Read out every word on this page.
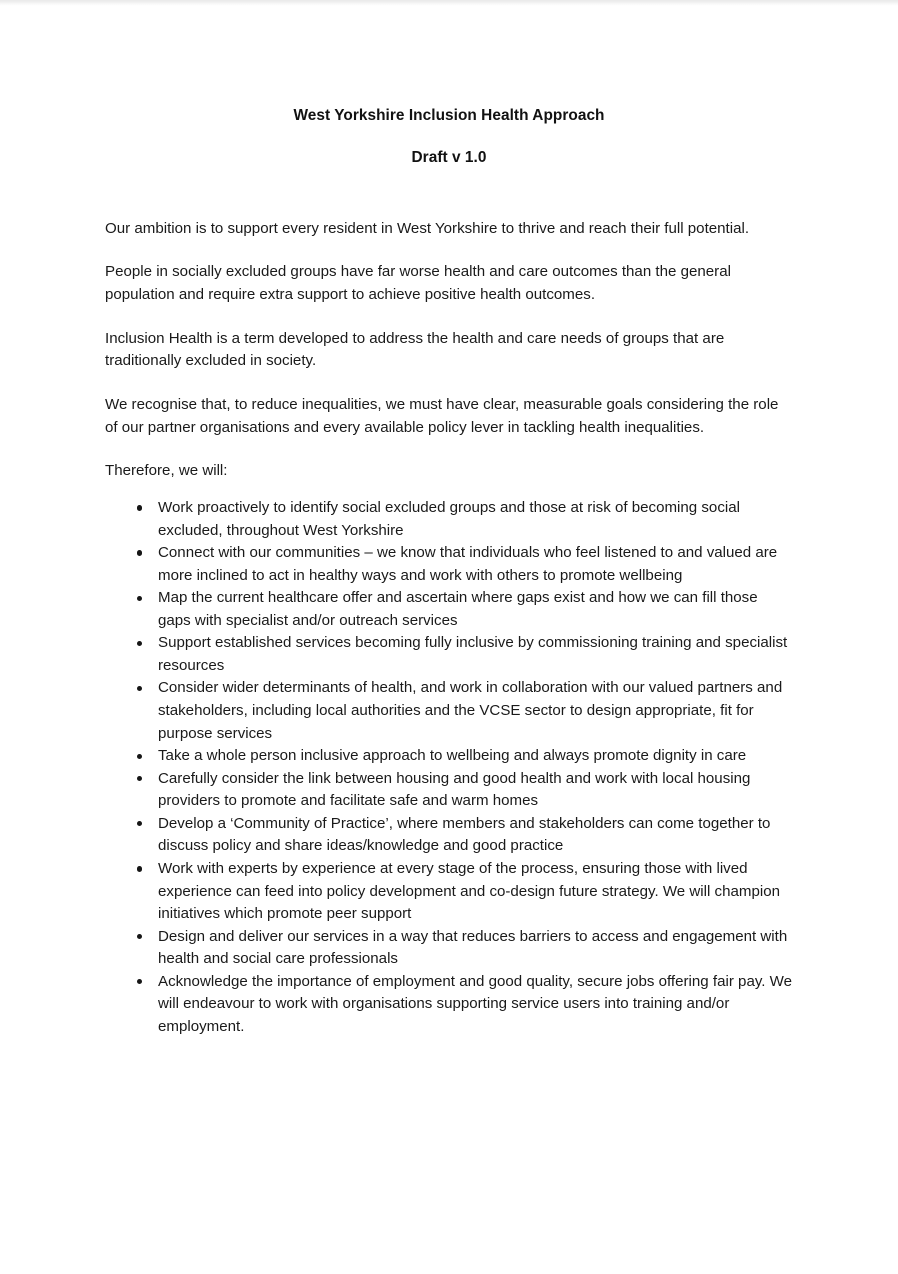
West Yorkshire Inclusion Health Approach
Draft v 1.0

Our ambition is to support every resident in West Yorkshire to thrive and reach their full potential.

People in socially excluded groups have far worse health and care outcomes than the general population and require extra support to achieve positive health outcomes.

Inclusion Health is a term developed to address the health and care needs of groups that are traditionally excluded in society.

We recognise that, to reduce inequalities, we must have clear, measurable goals considering the role of our partner organisations and every available policy lever in tackling health inequalities.

Therefore, we will:

Work proactively to identify social excluded groups and those at risk of becoming social excluded, throughout West Yorkshire
Connect with our communities – we know that individuals who feel listened to and valued are more inclined to act in healthy ways and work with others to promote wellbeing
Map the current healthcare offer and ascertain where gaps exist and how we can fill those gaps with specialist and/or outreach services
Support established services becoming fully inclusive by commissioning training and specialist resources
Consider wider determinants of health, and work in collaboration with our valued partners and stakeholders, including local authorities and the VCSE sector to design appropriate, fit for purpose services
Take a whole person inclusive approach to wellbeing and always promote dignity in care
Carefully consider the link between housing and good health and work with local housing providers to promote and facilitate safe and warm homes
Develop a ‘Community of Practice’, where members and stakeholders can come together to discuss policy and share ideas/knowledge and good practice
Work with experts by experience at every stage of the process, ensuring those with lived experience can feed into policy development and co-design future strategy. We will champion initiatives which promote peer support
Design and deliver our services in a way that reduces barriers to access and engagement with health and social care professionals
Acknowledge the importance of employment and good quality, secure jobs offering fair pay. We will endeavour to work with organisations supporting service users into training and/or employment.
